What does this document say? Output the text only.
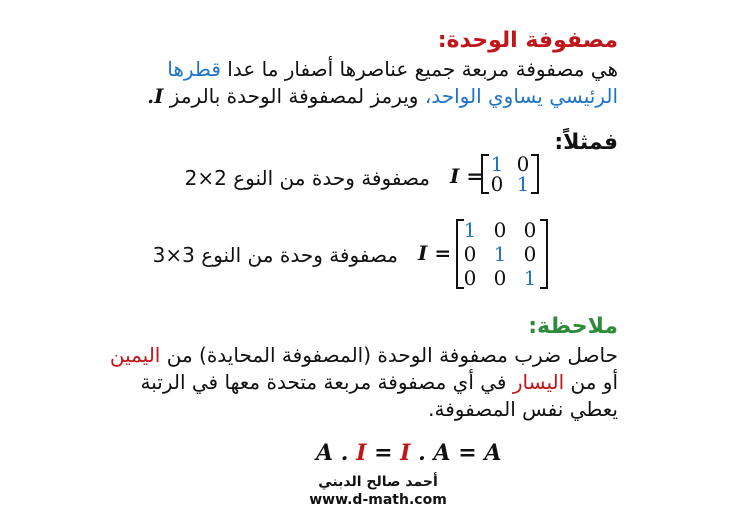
مصفوفة الوحدة:
هي مصفوفة مربعة جميع عناصرها أصفار ما عدا قطرها
الرئيسي يساوي الواحد، ويرمز لمصفوفة الوحدة بالرمز I.
فمثلاً:
مصفوفة وحدة من النوع 2×2 I = 1 0
0 1
مصفوفة وحدة من النوع 3×3 I =
1 0 0
0 1 0
0 0 1
ملاحظة:
حاصل ضرب مصفوفة الوحدة (المصفوفة المحايدة) من اليمين
أو من اليسار في أي مصفوفة مربعة متحدة معها في الرتبة
يعطي نفس المصفوفة.
A . I = I . A = A
أحمد صالح الدبني
www.d-math.com
